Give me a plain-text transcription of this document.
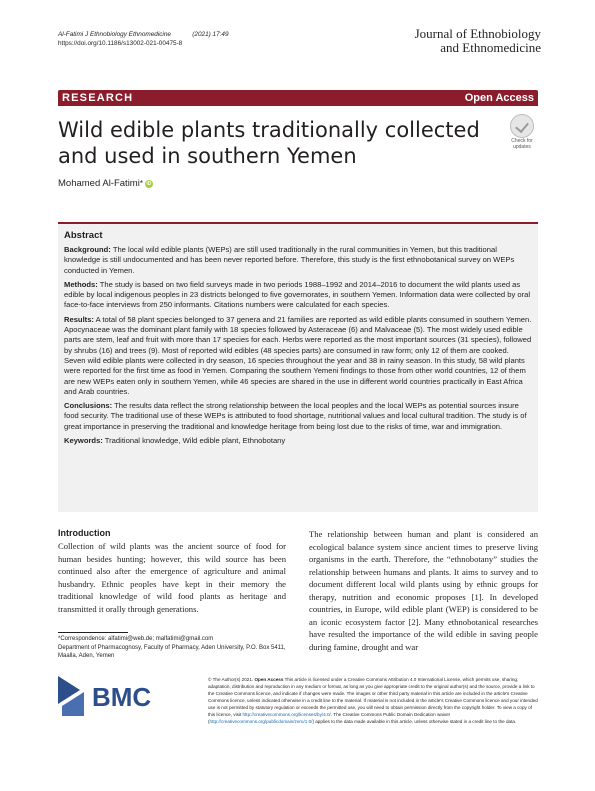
Al-Fatimi J Ethnobiology Ethnomedicine	(2021) 17:49
https://doi.org/10.1186/s13002-021-00475-8
Journal of Ethnobiology
and Ethnomedicine
RESEARCH	Open Access
Wild edible plants traditionally collected and used in southern Yemen
Check for
updates
Mohamed Al-Fatimi * iD
Abstract

Background: The local wild edible plants (WEPs) are still used traditionally in the rural communities in Yemen, but this traditional knowledge is still undocumented and has been never reported before. Therefore, this study is the first ethnobotanical survey on WEPs conducted in Yemen.

Methods: The study is based on two field surveys made in two periods 1988–1992 and 2014–2016 to document the wild plants used as edible by local indigenous peoples in 23 districts belonged to five governorates, in southern Yemen. Information data were collected by oral face-to-face interviews from 250 informants. Citations numbers were calculated for each species.

Results: A total of 58 plant species belonged to 37 genera and 21 families are reported as wild edible plants consumed in southern Yemen. Apocynaceae was the dominant plant family with 18 species followed by Asteraceae (6) and Malvaceae (5). The most widely used edible parts are stem, leaf and fruit with more than 17 species for each. Herbs were reported as the most important sources (31 species), followed by shrubs (16) and trees (9). Most of reported wild edibles (48 species parts) are consumed in raw form; only 12 of them are cooked. Seven wild edible plants were collected in dry season, 16 species throughout the year and 38 in rainy season. In this study, 58 wild plants were reported for the first time as food in Yemen. Comparing the southern Yemeni findings to those from other world countries, 12 of them are new WEPs eaten only in southern Yemen, while 46 species are shared in the use in different world countries practically in East Africa and Arab countries.

Conclusions: The results data reflect the strong relationship between the local peoples and the local WEPs as potential sources insure food security. The traditional use of these WEPs is attributed to food shortage, nutritional values and local cultural tradition. The study is of great importance in preserving the traditional and knowledge heritage from being lost due to the risks of time, war and immigration.

Keywords: Traditional knowledge, Wild edible plant, Ethnobotany

Introduction

Collection of wild plants was the ancient source of food for human besides hunting; however, this wild source has been continued also after the emergence of agriculture and animal husbandry. Ethnic peoples have kept in their memory the traditional knowledge of wild food plants as heritage and transmitted it orally through generations.

The relationship between human and plant is considered an ecological balance system since ancient times to preserve living organisms in the earth. Therefore, the “ethnobotany” studies the relationship between humans and plants. It aims to survey and to document different local wild plants using by ethnic groups for therapy, nutrition and economic proposes [1]. In developed countries, in Europe, wild edible plant (WEP) is considered to be an iconic ecosystem factor [2]. Many ethnobotanical researches have resulted the importance of the wild edible in saving people during famine, drought and war

*Correspondence: alfatimi@web.de; malfatimi@gmail.com
Department of Pharmacognosy, Faculty of Pharmacy, Aden University, P.O. Box 5411, Maalla, Aden, Yemen
BMC
© The Author(s) 2021. Open Access This article is licensed under a Creative Commons Attribution 4.0 International License, which permits use, sharing, adaptation, distribution and reproduction in any medium or format, as long as you give appropriate credit to the original author(s) and the source, provide a link to the Creative Commons licence, and indicate if changes were made. The images or other third party material in this article are included in the article's Creative Commons licence, unless indicated otherwise in a credit line to the material. If material is not included in the article's Creative Commons licence and your intended use is not permitted by statutory regulation or exceeds the permitted use, you will need to obtain permission directly from the copyright holder. To view a copy of this licence, visit http://creativecommons.org/licenses/by/4.0/. The Creative Commons Public Domain Dedication waiver (http://creativecommons.org/publicdomain/zero/1.0/) applies to the data made available in this article, unless otherwise stated in a credit line to the data.
